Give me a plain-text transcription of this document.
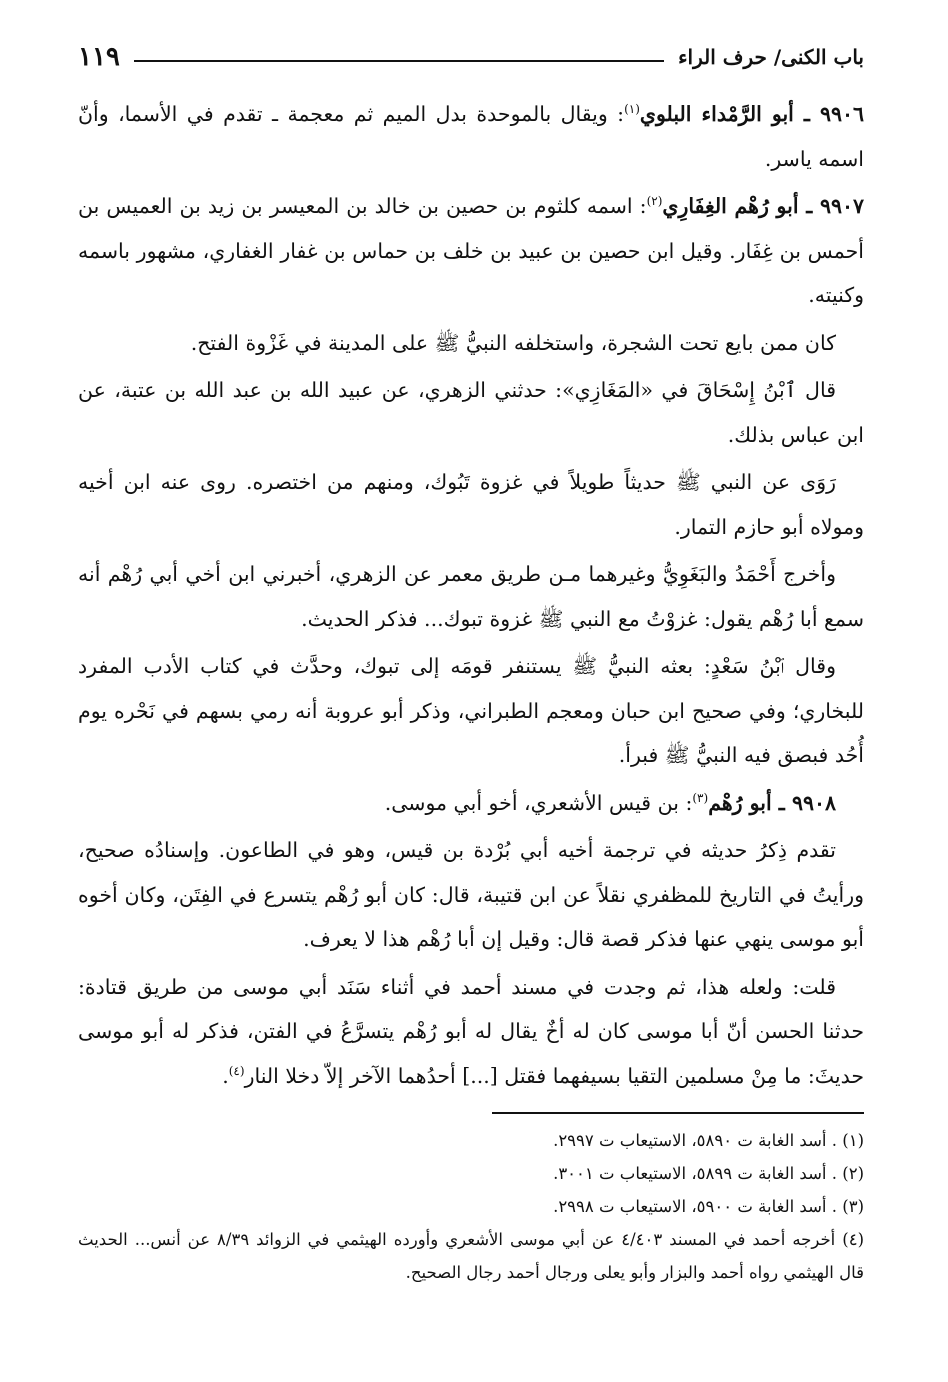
باب الكنى/ حرف الراء
١١٩

٩٩٠٦ ـ أبو الرَّمْداء البلوي$^{(١)}$: ويقال بالموحدة بدل الميم ثم معجمة ـ تقدم في الأسما، وأنّ اسمه ياسر.

٩٩٠٧ ـ أبو رُهْم الغِفَارِي$^{(٢)}$: اسمه كلثوم بن حصين بن خالد بن المعيسر بن زيد بن العميس بن أحمس بن غِفَار. وقيل ابن حصين بن عبيد بن خلف بن حماس بن غفار الغفاري، مشهور باسمه وكنيته.

كان ممن بايع تحت الشجرة، واستخلفه النبيُّ ﷺ على المدينة في غَزْوة الفتح.

قال ٱبْنُ إِسْحَاقَ في «المَغَازِي»: حدثني الزهري، عن عبيد الله بن عبد الله بن عتبة، عن ابن عباس بذلك.

رَوَى عن النبي ﷺ حديثاً طويلاً في غزوة تَبُوك، ومنهم من اختصره. روى عنه ابن أخيه ومولاه أبو حازم التمار.

وأخرج أَحْمَدُ والبَغَوِيُّ وغيرهما مـن طريق معمر عن الزهري، أخبرني ابن أخي أبي رُهْم أنه سمع أبا رُهْم يقول: غزوْتُ مع النبي ﷺ غزوة تبوك... فذكر الحديث.

وقال ٱبْنُ سَعْدٍ: بعثه النبيُّ ﷺ يستنفر قومَه إلى تبوك، وحدَّث في كتاب الأدب المفرد للبخاري؛ وفي صحيح ابن حبان ومعجم الطبراني، وذكر أبو عروبة أنه رمي بسهم في نَحْره يوم أُحُد فبصق فيه النبيُّ ﷺ فبرأ.

٩٩٠٨ ـ أبو رُهْم$^{(٣)}$: بن قيس الأشعري، أخو أبي موسى.

تقدم ذِكرُ حديثه في ترجمة أخيه أبي بُرْدة بن قيس، وهو في الطاعون. وإسنادُه صحيح، ورأيتُ في التاريخ للمظفري نقلاً عن ابن قتيبة، قال: كان أبو رُهْم يتسرع في الفِتَن، وكان أخوه أبو موسى ينهي عنها فذكر قصة قال: وقيل إن أبا رُهْم هذا لا يعرف.

قلت: ولعله هذا، ثم وجدت في مسند أحمد في أثناء سَنَد أبي موسى من طريق قتادة: حدثنا الحسن أنّ أبا موسى كان له أخٌ يقال له أبو رُهْم يتسرَّعُ في الفتن، فذكر له أبو موسى حديثَ: ما مِنْ مسلمين التقيا بسيفهما فقتل [...] أحدُهما الآخر إلاّ دخلا النار$^{(٤)}$.

(١) . أسد الغابة ت ٥٨٩٠، الاستيعاب ت ٢٩٩٧.

(٢) . أسد الغابة ت ٥٨٩٩، الاستيعاب ت ٣٠٠١.

(٣) . أسد الغابة ت ٥٩٠٠، الاستيعاب ت ٢٩٩٨.

(٤) أخرجه أحمد في المسند ٤/٤٠٣ عن أبي موسى الأشعري وأورده الهيثمي في الزوائد ٨/٣٩ عن أنس... الحديث قال الهيثمي رواه أحمد والبزار وأبو يعلى ورجال أحمد رجال الصحيح.
